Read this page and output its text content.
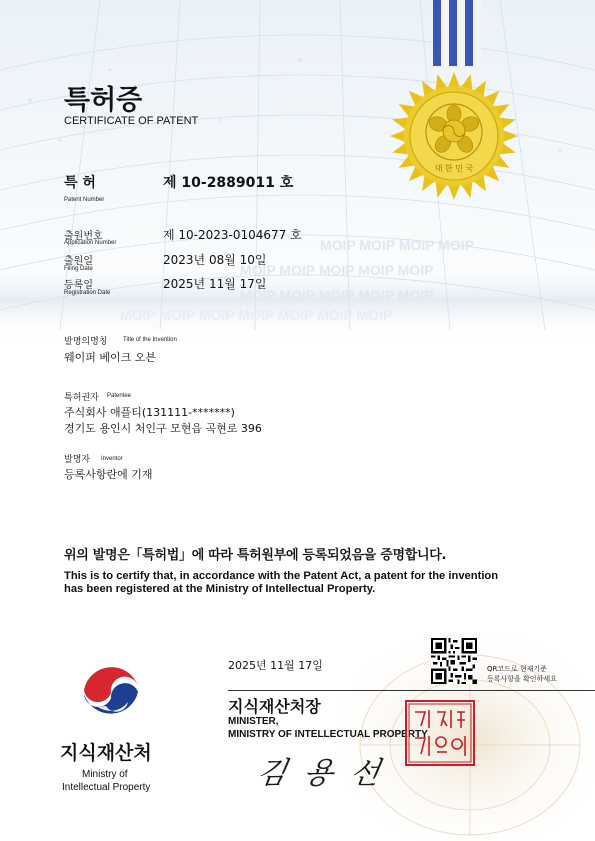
MOIP MOIP MOIP MOIP
MOIP MOIP MOIP MOIP MOIP
MOIP MOIP MOIP MOIP MOIP
MOIP MOIP MOIP MOIP MOIP MOIP MOIP
대 한 민 국
특허증
CERTIFICATE OF PATENT
특 허
Patent Number
제 10-2889011 호
출원번호
Application Number
제 10-2023-0104677 호
출원일
Filing Date
2023년 08월 10일
등록일
Registration Date
2025년 11월 17일
발명의명칭	Title of the Invention
웨이퍼 베이크 오븐
특허권자 Patentee
주식회사 애플티(131111-*******)
경기도 용인시 처인구 모현읍 곡현로 396
발명자 Inventor
등록사항란에 기재
위의 발명은「특허법」에 따라 특허원부에 등록되었음을 증명합니다.
This is to certify that, in accordance with the Patent Act, a patent for the invention
has been registered at the Ministry of Intellectual Property.
2025년 11월 17일	QR코드로 현재기준
등록사항을 확인하세요
지식재산처
Ministry of
Intellectual Property
지식재산처장
MINISTER,
MINISTRY OF INTELLECTUAL PROPERTY
김 용 선
